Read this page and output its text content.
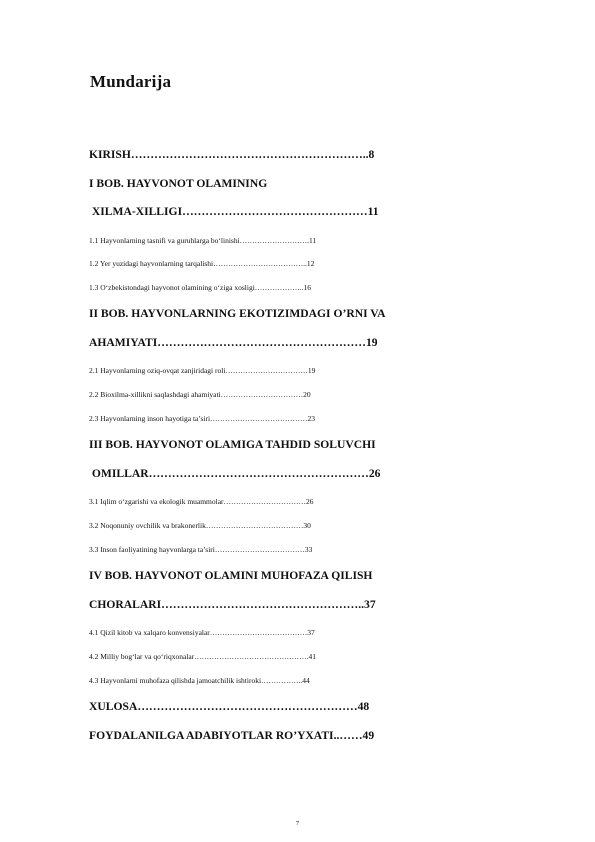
Mundarija
KIRISH……………………………………………………..8
I BOB. HAYVONOT OLAMINING
XILMA-XILLIGI…………………………………………11
1.1 Hayvonlarning tasnifi va guruhlarga bo‘linishi……………………….11
1.2 Yer yuzidagi hayvonlarning tarqalishi………………………………..12
1.3 O‘zbekistondagi hayvonot olamining o‘ziga xosligi………………..16
II BOB. HAYVONLARNING EKOTIZIMDAGI O’RNI VA
AHAMIYATI………………………………………………19
2.1 Hayvonlarning oziq-ovqat zanjiridagi roli……………………………19
2.2 Bioxilma-xillikni saqlashdagi ahamiyati……………………………20
2.3 Hayvonlarning inson hayotiga ta’siri…………………………………23
III BOB. HAYVONOT OLAMIGA TAHDID SOLUVCHI
OMILLAR…………………………………………………26
3.1 Iqlim o‘zgarishi va ekologik muammolar……………………………26
3.2 Noqonuniy ovchilik va brakonerlik…………………………………30
3.3 Inson faoliyatining hayvonlarga ta’siri………………………………33
IV BOB. HAYVONOT OLAMINI MUHOFAZA QILISH
CHORALARI……………………………………………..37
4.1 Qizil kitob va xalqaro konvensiyalar…………………………………37
4.2 Milliy bog‘lar va qo‘riqxonalar……………………………………….41
4.3 Hayvonlarni muhofaza qilishda jamoatchilik ishtiroki……………..44
XULOSA…………………………………………………48
FOYDALANILGA ADABIYOTLAR RO’YXATI..……49
7
